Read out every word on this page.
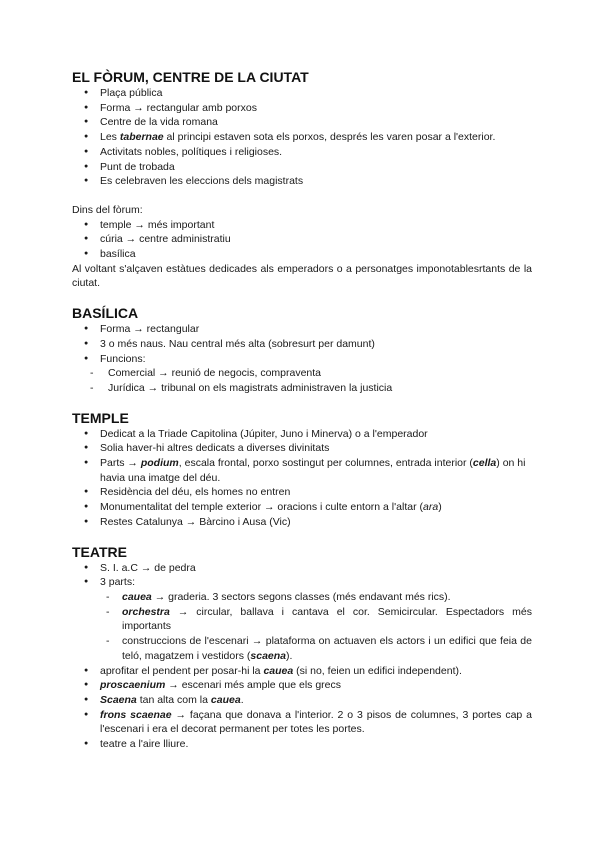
EL FÒRUM, CENTRE DE LA CIUTAT
● Plaça pública
● Forma → rectangular amb porxos
● Centre de la vida romana
● Les tabernae al principi estaven sota els porxos, després les varen posar a l'exterior.
● Activitats nobles, polítiques i religioses.
● Punt de trobada
● Es celebraven les eleccions dels magistrats

Dins del fòrum:

● temple → més important
● cúria → centre administratiu
● basílica

Al voltant s'alçaven estàtues dedicades als emperadors o a personatges imponotablesrtants de la ciutat.

BASÍLICA
● Forma → rectangular
● 3 o més naus. Nau central més alta (sobresurt per damunt)
● Funcions:
- Comercial → reunió de negocis, compraventa
- Jurídica → tribunal on els magistrats administraven la justicia
TEMPLE
● Dedicat a la Triade Capitolina (Júpiter, Juno i Minerva) o a l'emperador
● Solia haver-hi altres dedicats a diverses divinitats
● Parts → podium, escala frontal, porxo sostingut per columnes, entrada interior (cella) on hi havia una imatge del déu.
● Residència del déu, els homes no entren
● Monumentalitat del temple exterior → oracions i culte entorn a l'altar (ara)
● Restes Catalunya → Bàrcino i Ausa (Vic)
TEATRE
● S. I. a.C → de pedra
● 3 parts:
- cauea → graderia. 3 sectors segons classes (més endavant més rics).
- orchestra → circular, ballava i cantava el cor. Semicircular. Espectadors més importants
- construccions de l'escenari → plataforma on actuaven els actors i un edifici que feia de teló, magatzem i vestidors (scaena).
● aprofitar el pendent per posar-hi la cauea (si no, feien un edifici independent).
● proscaenium → escenari més ample que els grecs
● Scaena tan alta com la cauea.
● frons scaenae → façana que donava a l'interior. 2 o 3 pisos de columnes, 3 portes cap a l'escenari i era el decorat permanent per totes les portes.
● teatre a l'aire lliure.
